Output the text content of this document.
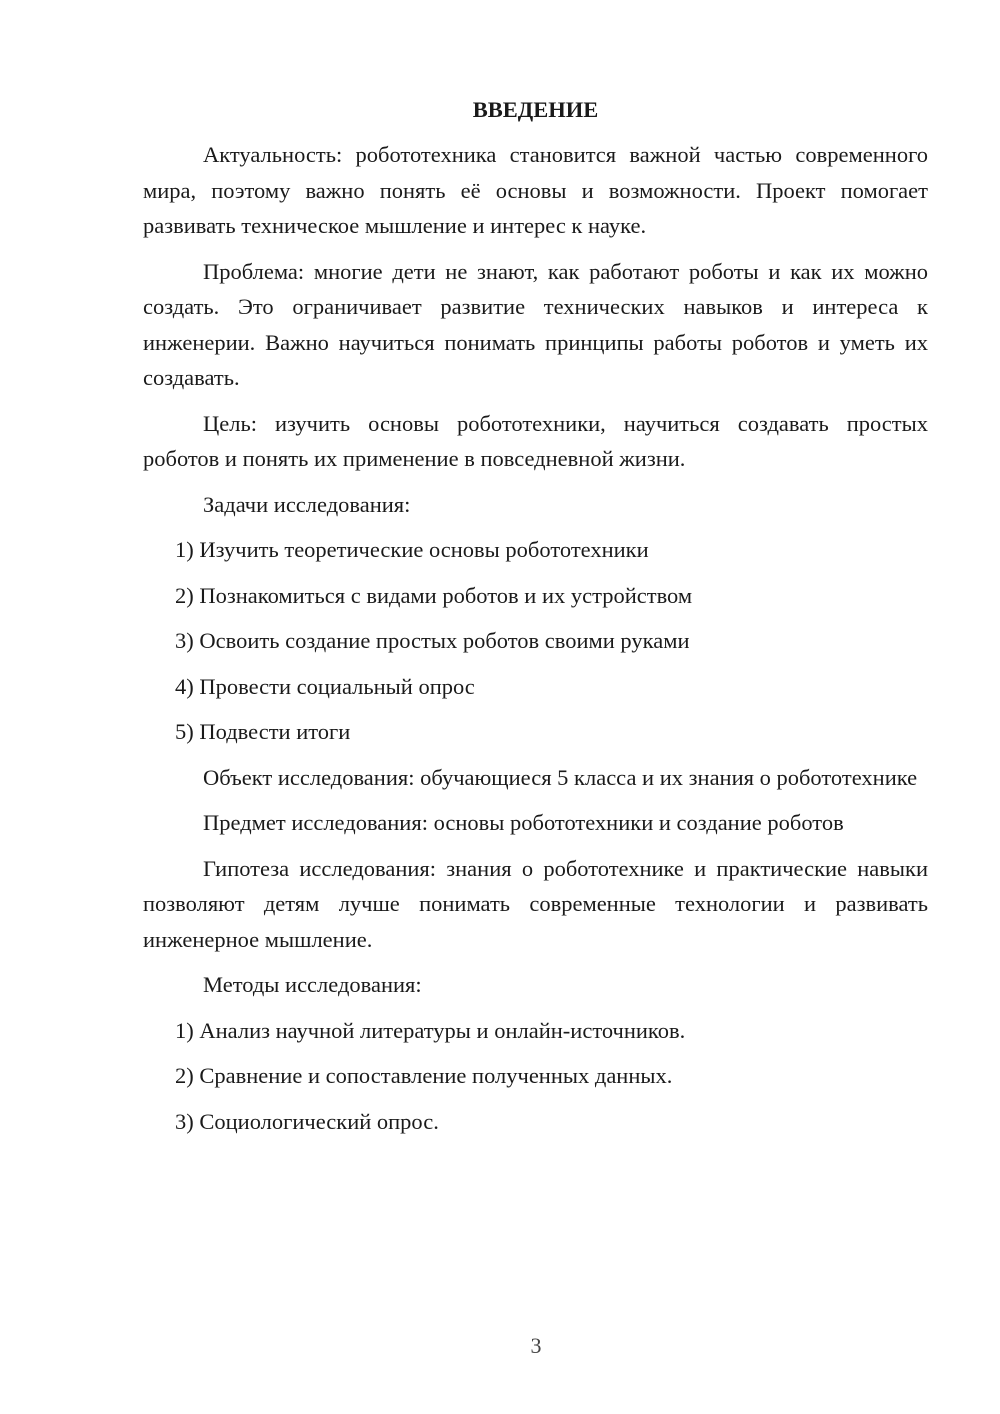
ВВЕДЕНИЕ
Актуальность: робототехника становится важной частью современного мира, поэтому важно понять её основы и возможности. Проект помогает развивать техническое мышление и интерес к науке.
Проблема: многие дети не знают, как работают роботы и как их можно создать. Это ограничивает развитие технических навыков и интереса к инженерии. Важно научиться понимать принципы работы роботов и уметь их создавать.
Цель: изучить основы робототехники, научиться создавать простых роботов и понять их применение в повседневной жизни.
Задачи исследования:
1) Изучить теоретические основы робототехники
2) Познакомиться с видами роботов и их устройством
3) Освоить создание простых роботов своими руками
4) Провести социальный опрос
5) Подвести итоги
Объект исследования: обучающиеся 5 класса и их знания о робототехнике
Предмет исследования: основы робототехники и создание роботов
Гипотеза исследования: знания о робототехнике и практические навыки позволяют детям лучше понимать современные технологии и развивать инженерное мышление.
Методы исследования:
1) Анализ научной литературы и онлайн-источников.
2) Сравнение и сопоставление полученных данных.
3) Социологический опрос.
3
